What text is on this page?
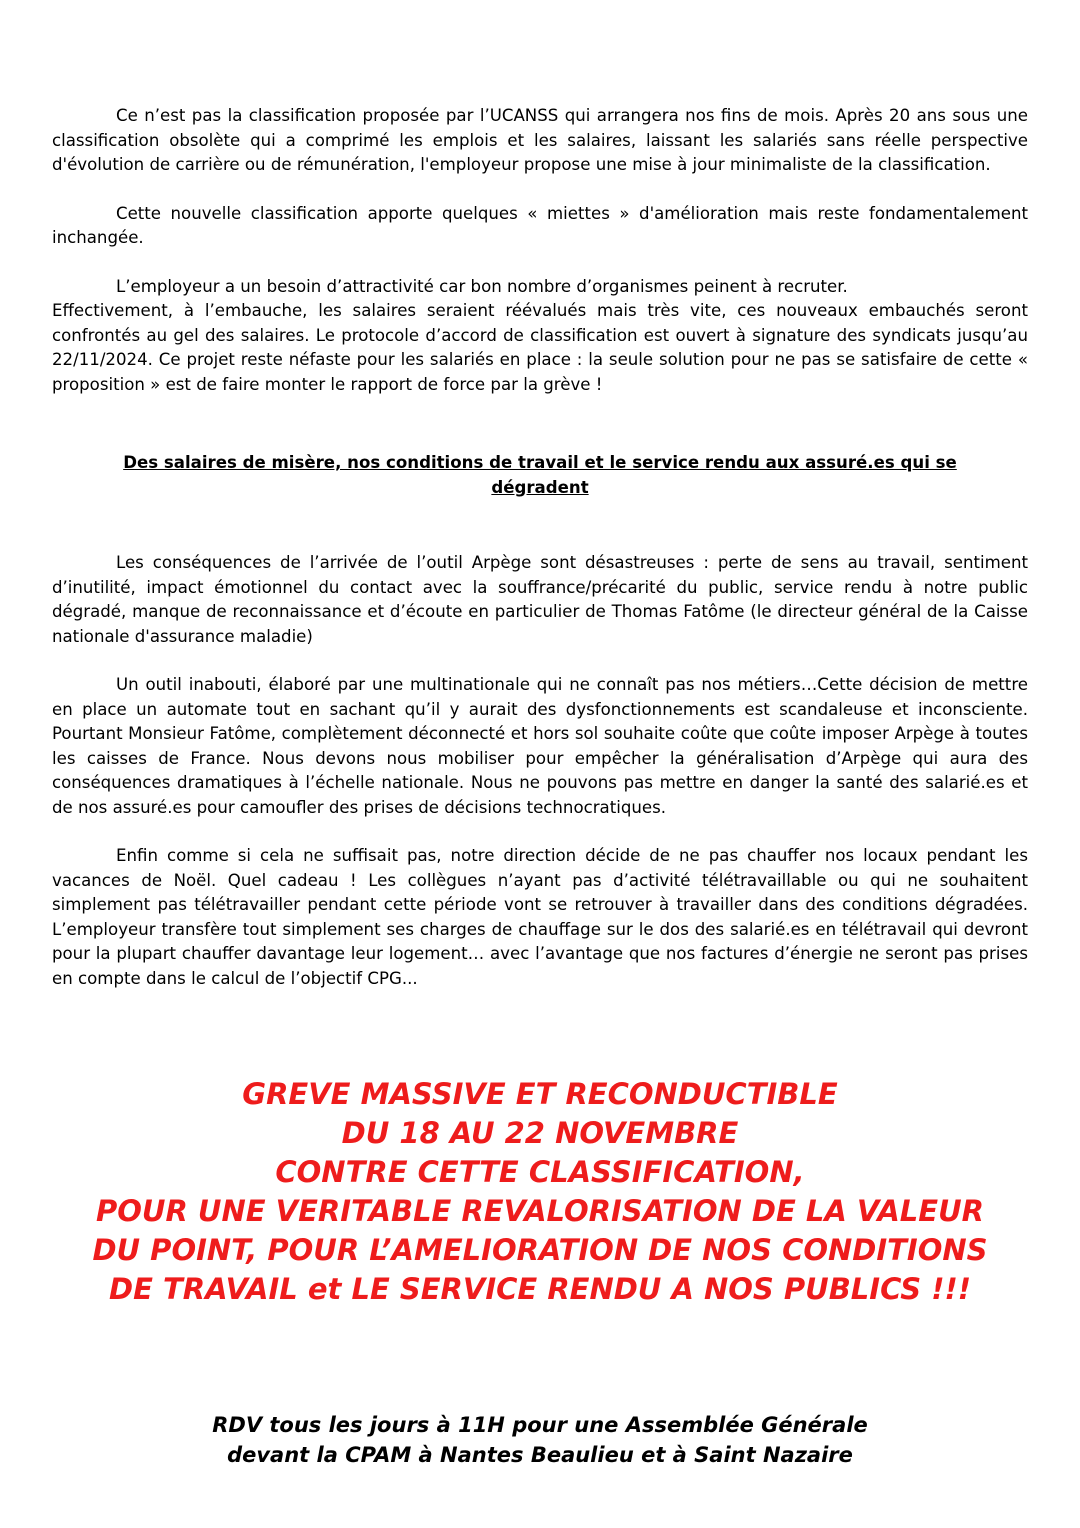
Ce n’est pas la classification proposée par l’UCANSS qui arrangera nos fins de mois. Après 20 ans sous une classification obsolète qui a comprimé les emplois et les salaires, laissant les salariés sans réelle perspective d'évolution de carrière ou de rémunération, l'employeur propose une mise à jour minimaliste de la classification.

Cette nouvelle classification apporte quelques « miettes » d'amélioration mais reste fondamentalement inchangée.

L’employeur a un besoin d’attractivité car bon nombre d’organismes peinent à recruter.
Effectivement, à l’embauche, les salaires seraient réévalués mais très vite, ces nouveaux embauchés seront confrontés au gel des salaires. Le protocole d’accord de classification est ouvert à signature des syndicats jusqu’au 22/11/2024. Ce projet reste néfaste pour les salariés en place : la seule solution pour ne pas se satisfaire de cette « proposition » est de faire monter le rapport de force par la grève !

Des salaires de misère, nos conditions de travail et le service rendu aux assuré.es qui se dégradent

Les conséquences de l’arrivée de l’outil Arpège sont désastreuses : perte de sens au travail, sentiment d’inutilité, impact émotionnel du contact avec la souffrance/précarité du public, service rendu à notre public dégradé, manque de reconnaissance et d’écoute en particulier de Thomas Fatôme (le directeur général de la Caisse nationale d'assurance maladie)

Un outil inabouti, élaboré par une multinationale qui ne connaît pas nos métiers…Cette décision de mettre en place un automate tout en sachant qu’il y aurait des dysfonctionnements est scandaleuse et inconsciente. Pourtant Monsieur Fatôme, complètement déconnecté et hors sol souhaite coûte que coûte imposer Arpège à toutes les caisses de France. Nous devons nous mobiliser pour empêcher la généralisation d’Arpège qui aura des conséquences dramatiques à l’échelle nationale. Nous ne pouvons pas mettre en danger la santé des salarié.es et de nos assuré.es pour camoufler des prises de décisions technocratiques.

Enfin comme si cela ne suffisait pas, notre direction décide de ne pas chauffer nos locaux pendant les vacances de Noël. Quel cadeau ! Les collègues n’ayant pas d’activité télétravaillable ou qui ne souhaitent simplement pas télétravailler pendant cette période vont se retrouver à travailler dans des conditions dégradées. L’employeur transfère tout simplement ses charges de chauffage sur le dos des salarié.es en télétravail qui devront pour la plupart chauffer davantage leur logement… avec l’avantage que nos factures d’énergie ne seront pas prises en compte dans le calcul de l’objectif CPG...

GREVE MASSIVE ET RECONDUCTIBLE
DU 18 AU 22 NOVEMBRE
CONTRE CETTE CLASSIFICATION,
POUR UNE VERITABLE REVALORISATION DE LA VALEUR
DU POINT, POUR L’AMELIORATION DE NOS CONDITIONS
DE TRAVAIL et LE SERVICE RENDU A NOS PUBLICS !!!
RDV tous les jours à 11H pour une Assemblée Générale
devant la CPAM à Nantes Beaulieu et à Saint Nazaire
